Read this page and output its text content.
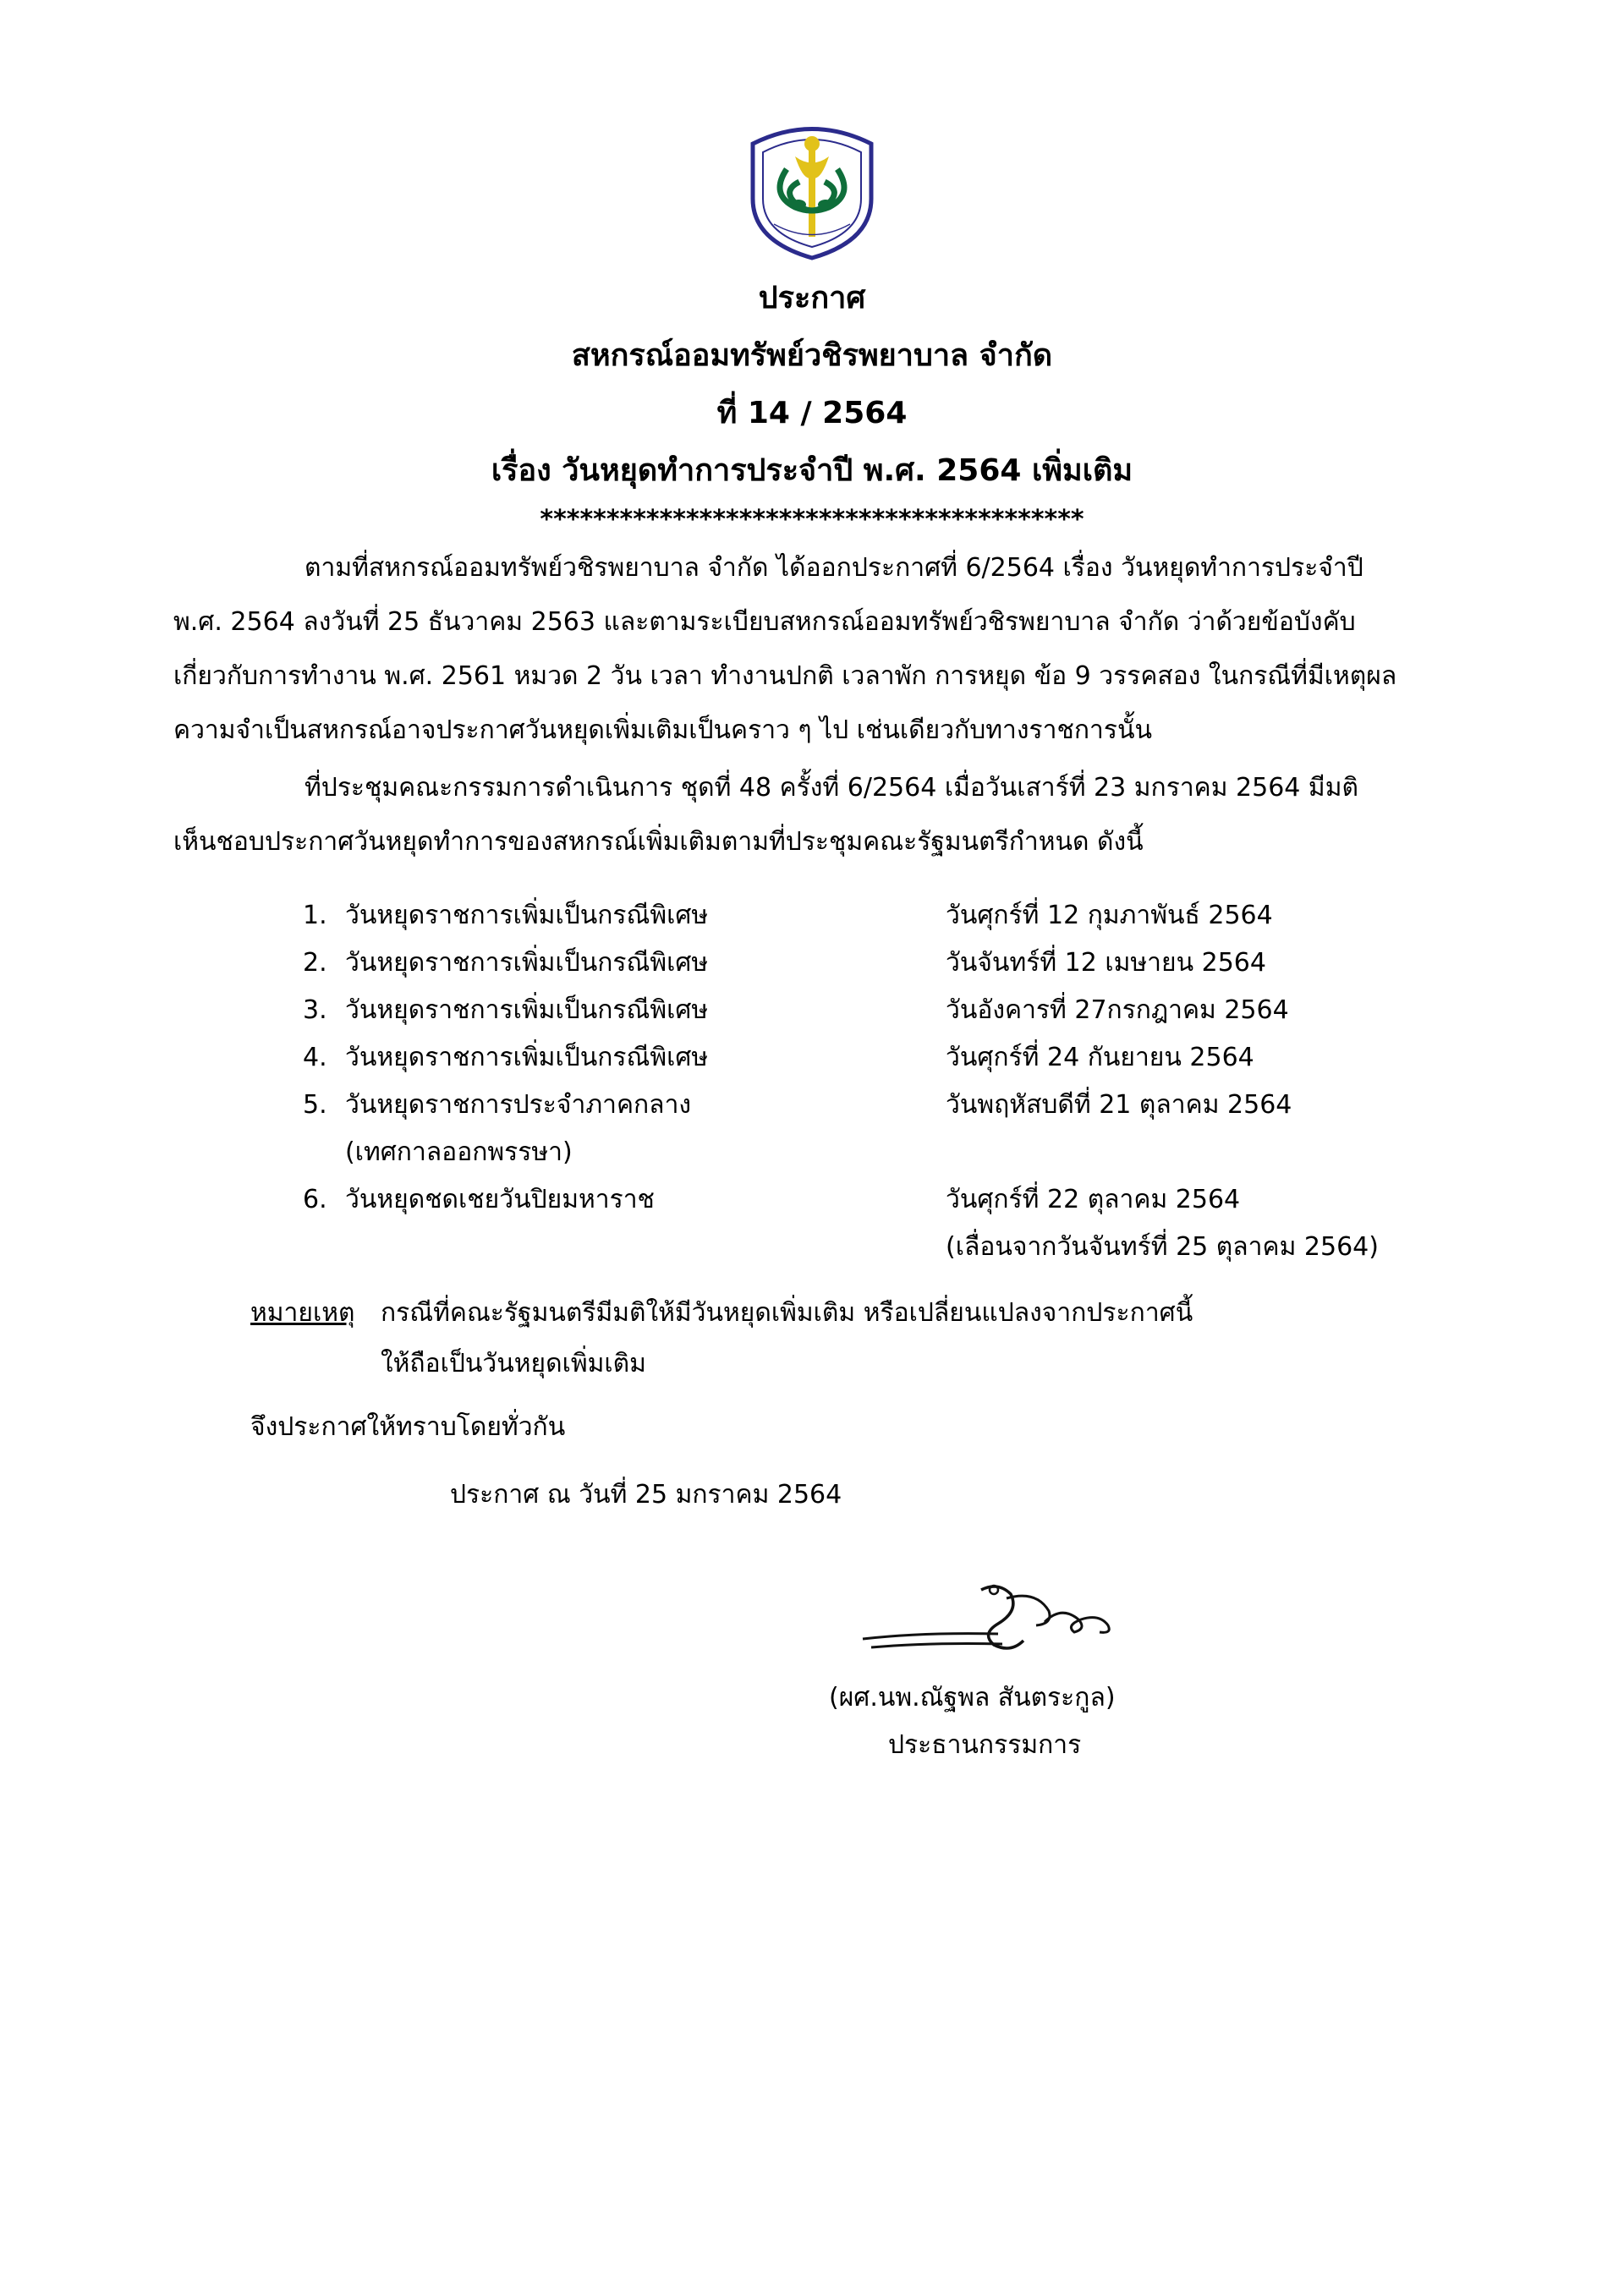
ประกาศ
สหกรณ์ออมทรัพย์วชิรพยาบาล จำกัด
ที่ 14 / 2564
เรื่อง วันหยุดทำการประจำปี พ.ศ. 2564 เพิ่มเติม
*****************************************
ตามที่สหกรณ์ออมทรัพย์วชิรพยาบาล จำกัด ได้ออกประกาศที่ 6/2564 เรื่อง วันหยุดทำการประจำปี
พ.ศ. 2564 ลงวันที่ 25 ธันวาคม 2563 และตามระเบียบสหกรณ์ออมทรัพย์วชิรพยาบาล จำกัด ว่าด้วยข้อบังคับ
เกี่ยวกับการทำงาน พ.ศ. 2561 หมวด 2 วัน เวลา ทำงานปกติ เวลาพัก การหยุด ข้อ 9 วรรคสอง ในกรณีที่มีเหตุผล
ความจำเป็นสหกรณ์อาจประกาศวันหยุดเพิ่มเติมเป็นคราว ๆ ไป เช่นเดียวกับทางราชการนั้น
ที่ประชุมคณะกรรมการดำเนินการ ชุดที่ 48 ครั้งที่ 6/2564 เมื่อวันเสาร์ที่ 23 มกราคม 2564 มีมติ
เห็นชอบประกาศวันหยุดทำการของสหกรณ์เพิ่มเติมตามที่ประชุมคณะรัฐมนตรีกำหนด ดังนี้
1. วันหยุดราชการเพิ่มเป็นกรณีพิเศษ	วันศุกร์ที่ 12 กุมภาพันธ์ 2564
2. วันหยุดราชการเพิ่มเป็นกรณีพิเศษ	วันจันทร์ที่ 12 เมษายน 2564
3. วันหยุดราชการเพิ่มเป็นกรณีพิเศษ	วันอังคารที่ 27กรกฎาคม 2564
4. วันหยุดราชการเพิ่มเป็นกรณีพิเศษ	วันศุกร์ที่ 24 กันยายน 2564
5. วันหยุดราชการประจำภาคกลาง	วันพฤหัสบดีที่ 21 ตุลาคม 2564
(เทศกาลออกพรรษา)
6. วันหยุดชดเชยวันปิยมหาราช	วันศุกร์ที่ 22 ตุลาคม 2564
(เลื่อนจากวันจันทร์ที่ 25 ตุลาคม 2564)
หมายเหตุ กรณีที่คณะรัฐมนตรีมีมติให้มีวันหยุดเพิ่มเติม หรือเปลี่ยนแปลงจากประกาศนี้
ให้ถือเป็นวันหยุดเพิ่มเติม
จึงประกาศให้ทราบโดยทั่วกัน
ประกาศ ณ วันที่ 25 มกราคม 2564
(ผศ.นพ.ณัฐพล สันตระกูล)
ประธานกรรมการ
